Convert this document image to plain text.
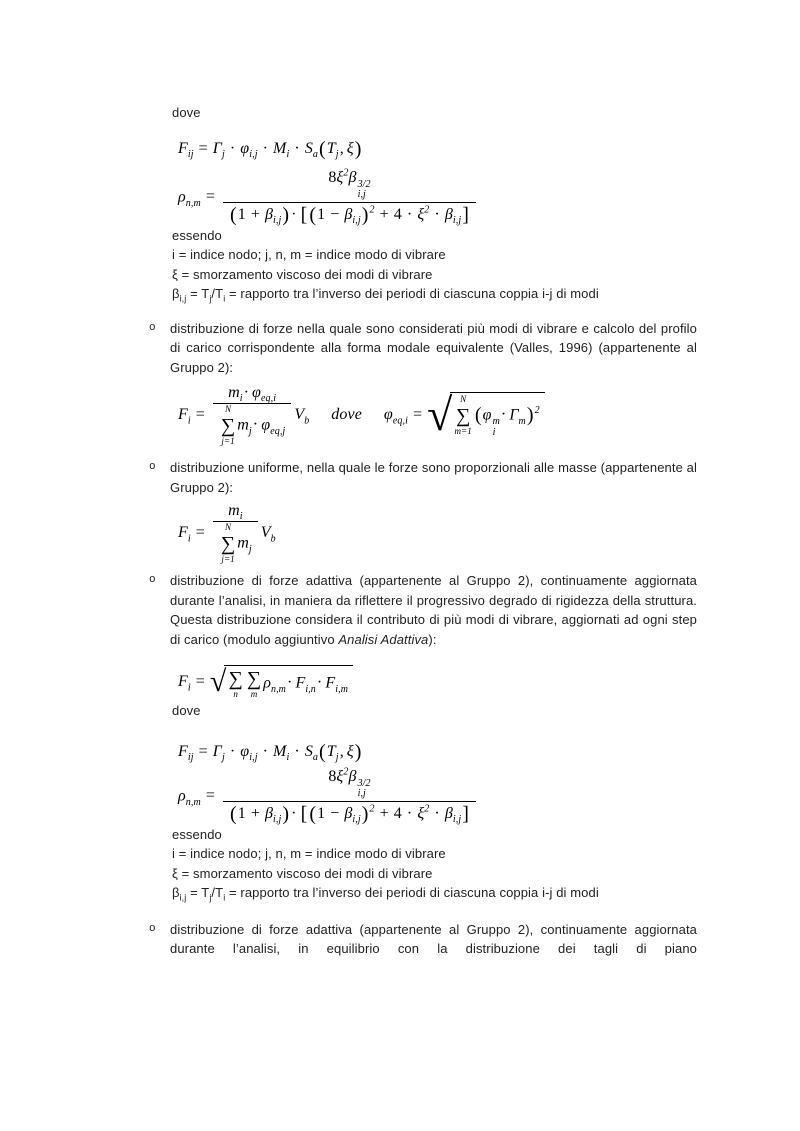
dove

$F_{ij} = \Gamma_j \cdot \varphi_{i,j} \cdot M_i \cdot S_a(T_j$, ξ)
$\rho_{n,m} = 8\xi^2\beta$ 3/2
i,j
$(1 + \beta_{i,j})$ · [ $(1 - \beta_{i,j})^2 + 4 \cdot \xi^2 \cdot \beta_{i,j}$]

essendo

i = indice nodo; j, n, m = indice modo di vibrare

ξ = smorzamento viscoso dei modi di vibrare

$\beta_{i,j} = T_j/T_i$ = rapporto tra l’inverso dei periodi di ciascuna coppia i-j di modi

o	distribuzione di forze nella quale sono considerati più modi di vibrare e calcolo del profilo di carico corrispondente alla forma modale equivalente (Valles, 1996) (appartenente al Gruppo 2):

$F_i = m_i\cdot \varphi_{eq,i}$
N
∑
j=1
$m_j\cdot \varphi_{eq,j}$ $V_b$ dove $\varphi_{eq,i}$ = √ N
∑
m=1
(φ m
i
· $\Gamma_m)^2$
o	distribuzione uniforme, nella quale le forze sono proporzionali alle masse (appartenente al Gruppo 2):

$F_i = m_i$
N
∑
j=1
$m_j$ $V_b$
o	distribuzione di forze adattiva (appartenente al Gruppo 2), continuamente aggiornata durante l’analisi, in maniera da riflettere il progressivo degrado di rigidezza della struttura. Questa distribuzione considera il contributo di più modi di vibrare, aggiornati ad ogni step di carico (modulo aggiuntivo Analisi Adattiva):

$F_i$ = √ ∑
n
∑
m
$\rho_{n,m}\cdot F_{i,n}\cdot F_{i,m}$

dove

$F_{ij} = \Gamma_j \cdot \varphi_{i,j} \cdot M_i \cdot S_a(T_j$, ξ)
$\rho_{n,m} = 8\xi^2\beta$ 3/2
i,j
$(1 + \beta_{i,j})$ · [ $(1 - \beta_{i,j})^2 + 4 \cdot \xi^2 \cdot \beta_{i,j}$]

essendo

i = indice nodo; j, n, m = indice modo di vibrare

ξ = smorzamento viscoso dei modi di vibrare

$\beta_{i,j} = T_j/T_i$ = rapporto tra l’inverso dei periodi di ciascuna coppia i-j di modi

o	distribuzione di forze adattiva (appartenente al Gruppo 2), continuamente aggiornata durante l’analisi, in equilibrio con la distribuzione dei tagli di piano
